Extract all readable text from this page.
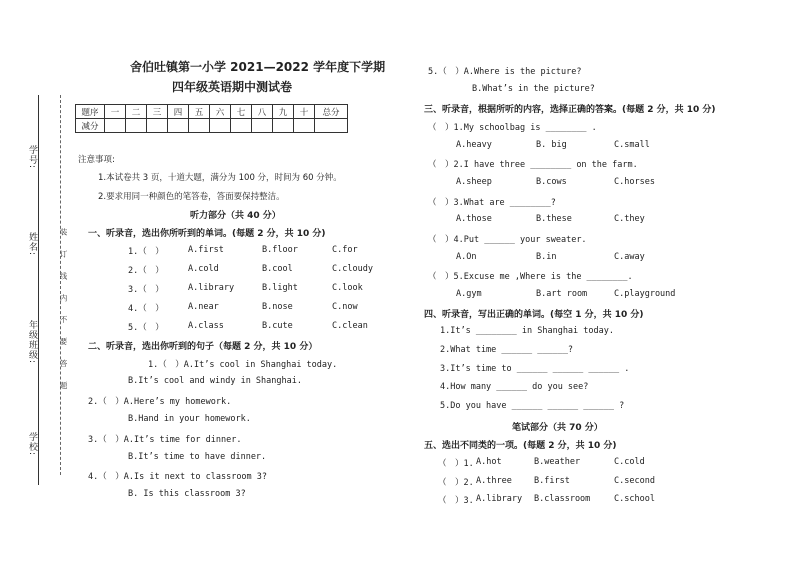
学号:
姓名:
年级班级:
学校:
装 订 线 内 不 要 答 题
舍伯吐镇第一小学 2021—2022 学年度下学期
四年级英语期中测试卷
题序	一	二	三	四	五	六	七	八	九	十	总分
减分											
注意事项:
1.本试卷共 3 页，十道大题，满分为 100 分，时间为 60 分钟。
2.要求用同一种颜色的笔答卷，答面要保持整洁。
听力部分（共 40 分）
一、听录音，选出你所听到的单词。(每题 2 分，共 10 分)
1.（　）	A.first	B.floor	C.for
2.（　）	A.cold	B.cool	C.cloudy
3.（　）	A.library	B.light	C.look
4.（　）	A.near	B.nose	C.now
5.（　）	A.class	B.cute	C.clean
二、听录音，选出你听到的句子（每题 2 分，共 10 分）
1.（　）A.It’s cool in Shanghai today.
B.It’s cool and windy in Shanghai.
2.（　）A.Here’s my homework.
B.Hand in your homework.
3.（　）A.It’s time for dinner.
B.It’s time to have dinner.
4.（　）A.Is it next to classroom 3?
B. Is this classroom 3?
5.（　）A.Where is the picture?
B.What’s in the picture?
三、听录音，根据所听的内容，选择正确的答案。(每题 2 分，共 10 分)
（　）1.My schoolbag is ________ .
A.heavy	B. big	C.small
（　）2.I have three ________ on the farm.
A.sheep	B.cows	C.horses
（　）3.What are ________?
A.those	B.these	C.they
（　）4.Put ______ your sweater.
A.On	B.in	C.away
（　）5.Excuse me ,Where is the ________.
A.gym	B.art room	C.playground
四、听录音，写出正确的单词。(每空 1 分，共 10 分)
1.It’s ________ in Shanghai today.
2.What time ______ ______?
3.It’s time to ______ ______ ______ .
4.How many ______ do you see?
5.Do you have ______ ______ ______ ?
笔试部分（共 70 分）
五、选出不同类的一项。(每题 2 分，共 10 分)
（　）1. A.hot	B.weather	C.cold
（　）2. A.three	B.first	C.second
（　）3. A.library B.classroom	C.school
